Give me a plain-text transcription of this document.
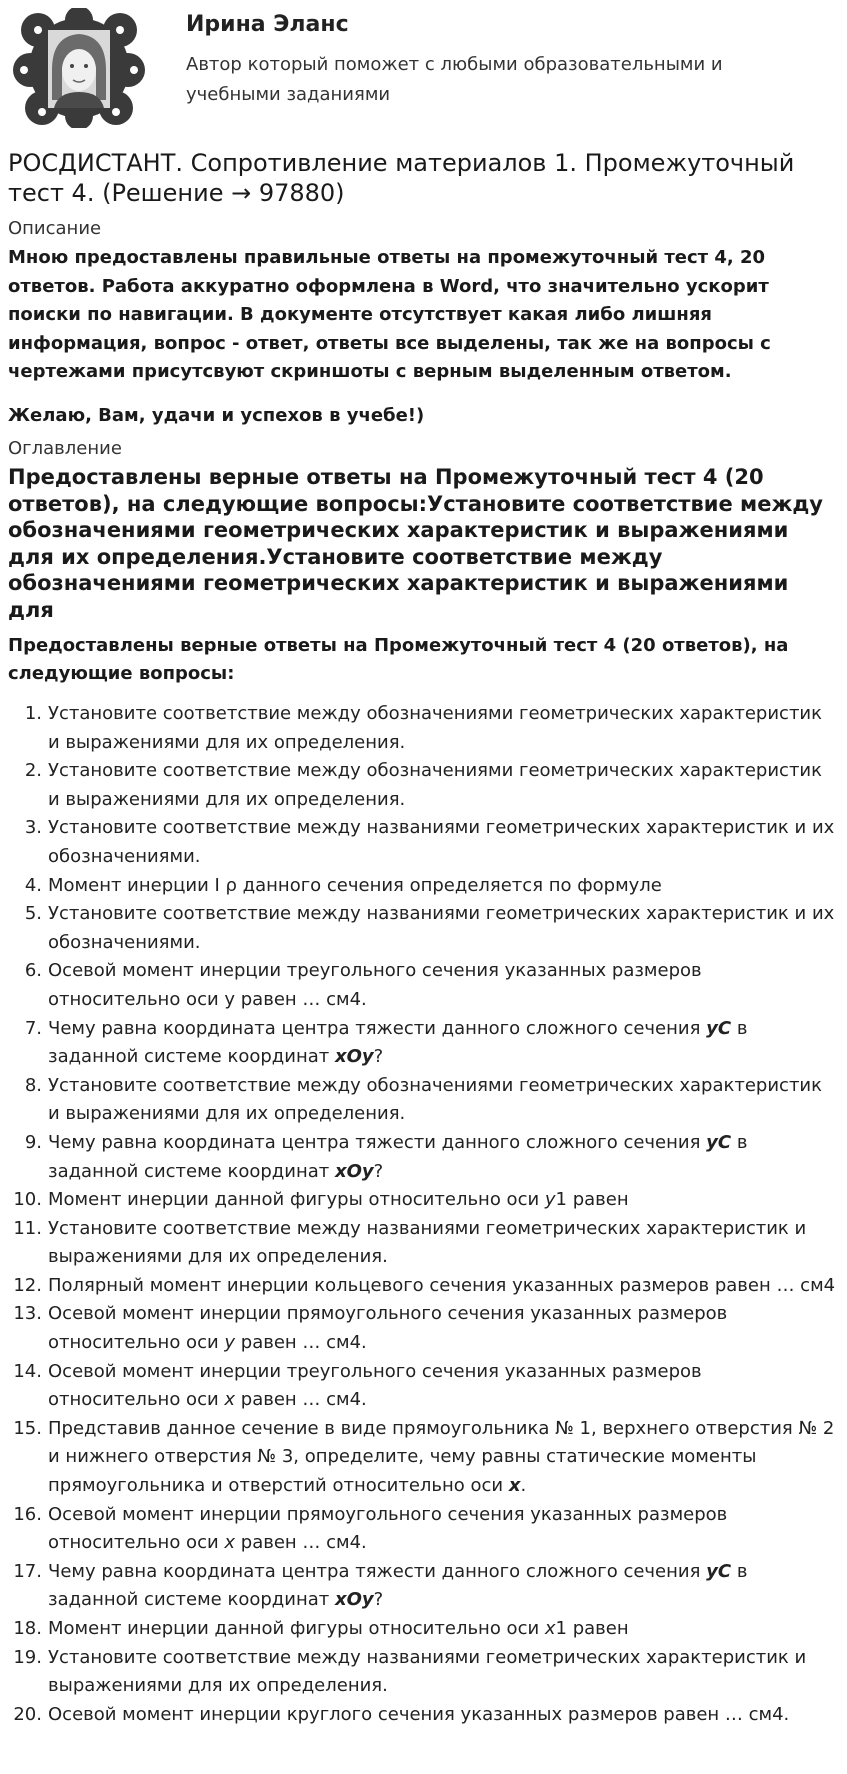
Ирина Эланс
Автор который поможет с любыми образовательными и учебными заданиями
РОСДИСТАНТ. Сопротивление материалов 1. Промежуточный тест 4. (Решение → 97880)
Описание

Мною предоставлены правильные ответы на промежуточный тест 4, 20 ответов. Работа аккуратно оформлена в Word, что значительно ускорит поиски по навигации. В документе отсутствует какая либо лишняя информация, вопрос - ответ, ответы все выделены, так же на вопросы с чертежами присутсвуют скриншоты с верным выделенным ответом.

Желаю, Вам, удачи и успехов в учебе!)

Оглавление
Предоставлены верные ответы на Промежуточный тест 4 (20 ответов), на следующие вопросы:Установите соответствие между обозначениями геометрических характеристик и выражениями для их определения.Установите соответствие между обозначениями геометрических характеристик и выражениями для

Предоставлены верные ответы на Промежуточный тест 4 (20 ответов), на следующие вопросы:

1. Установите соответствие между обозначениями геометрических характеристик и выражениями для их определения.
2. Установите соответствие между обозначениями геометрических характеристик и выражениями для их определения.
3. Установите соответствие между названиями геометрических характеристик и их обозначениями.
4. Момент инерции I ρ данного сечения определяется по формуле
5. Установите соответствие между названиями геометрических характеристик и их обозначениями.
6. Осевой момент инерции треугольного сечения указанных размеров относительно оси y равен … см4.
7. Чему равна координата центра тяжести данного сложного сечения yC в заданной системе координат xOy?
8. Установите соответствие между обозначениями геометрических характеристик и выражениями для их определения.
9. Чему равна координата центра тяжести данного сложного сечения yC в заданной системе координат xOy?
10. Момент инерции данной фигуры относительно оси y1 равен
11. Установите соответствие между названиями геометрических характеристик и выражениями для их определения.
12. Полярный момент инерции кольцевого сечения указанных размеров равен … см4
13. Осевой момент инерции прямоугольного сечения указанных размеров относительно оси y равен … см4.
14. Осевой момент инерции треугольного сечения указанных размеров относительно оси x равен … см4.
15. Представив данное сечение в виде прямоугольника № 1, верхнего отверстия № 2 и нижнего отверстия № 3, определите, чему равны статические моменты прямоугольника и отверстий относительно оси x.
16. Осевой момент инерции прямоугольного сечения указанных размеров относительно оси x равен … см4.
17. Чему равна координата центра тяжести данного сложного сечения yC в заданной системе координат xOy?
18. Момент инерции данной фигуры относительно оси x1 равен
19. Установите соответствие между названиями геометрических характеристик и выражениями для их определения.
20. Осевой момент инерции круглого сечения указанных размеров равен … см4.
